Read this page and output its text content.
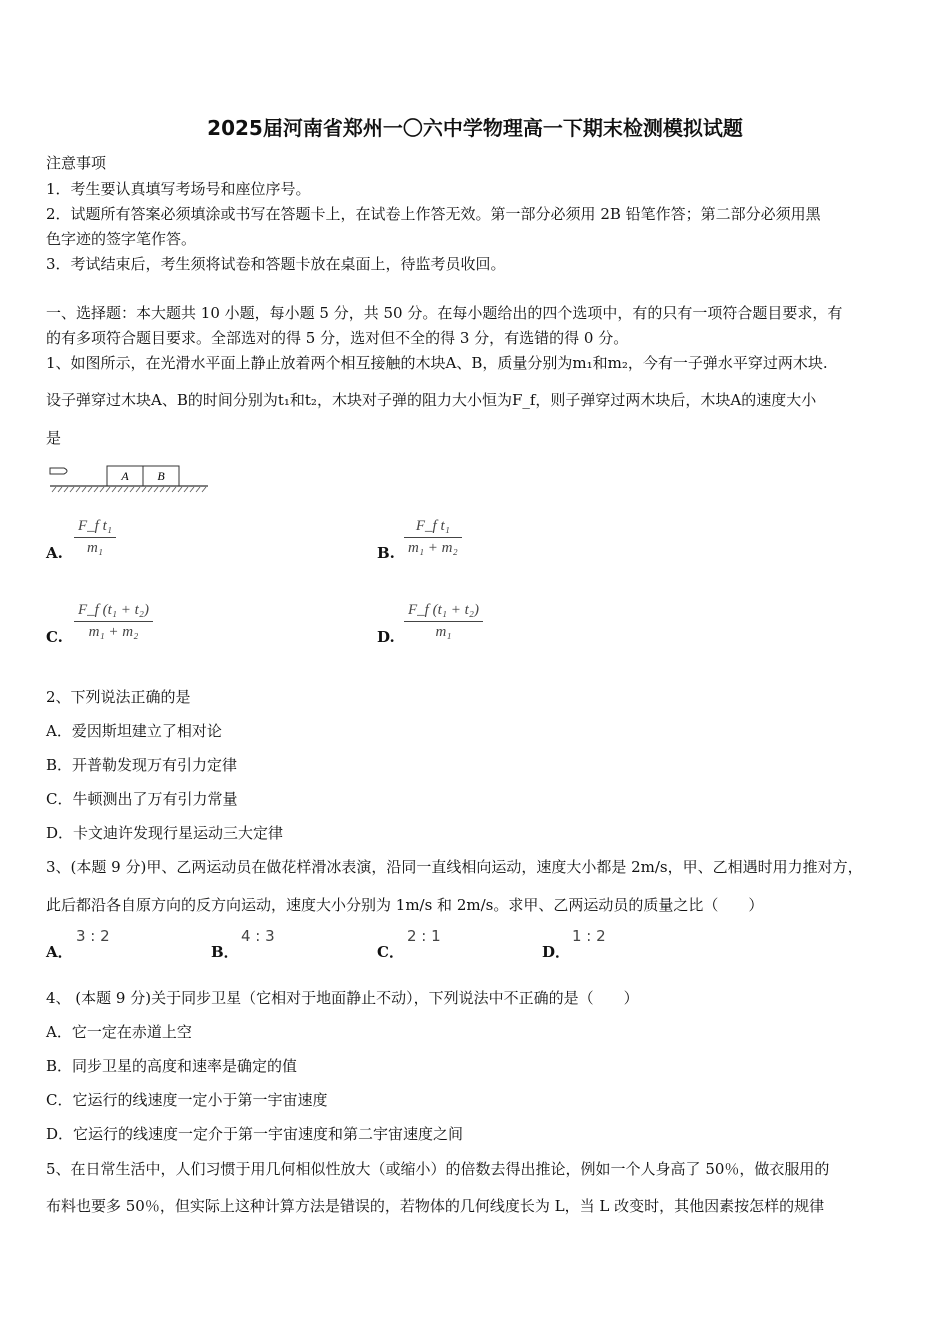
2025届河南省郑州一〇六中学物理高一下期末检测模拟试题
注意事项
1．考生要认真填写考场号和座位序号。
2．试题所有答案必须填涂或书写在答题卡上，在试卷上作答无效。第一部分必须用 2B 铅笔作答；第二部分必须用黑
色字迹的签字笔作答。
3．考试结束后，考生须将试卷和答题卡放在桌面上，待监考员收回。
一、选择题：本大题共 10 小题，每小题 5 分，共 50 分。在每小题给出的四个选项中，有的只有一项符合题目要求，有
的有多项符合题目要求。全部选对的得 5 分，选对但不全的得 3 分，有选错的得 0 分。
1、如图所示，在光滑水平面上静止放着两个相互接触的木块A、B，质量分别为m₁和m₂，今有一子弹水平穿过两木块.
设子弹穿过木块A、B的时间分别为t₁和t₂，木块对子弹的阻力大小恒为F_f，则子弹穿过两木块后，木块A的速度大小
是
A B
A.
F_f t₁
m₁	B.
F_f t₁
m₁ + m₂
C.
F_f (t₁ + t₂)
m₁ + m₂	D.
F_f (t₁ + t₂)
m₁
2、下列说法正确的是
A．爱因斯坦建立了相对论
B．开普勒发现万有引力定律
C．牛顿测出了万有引力常量
D．卡文迪许发现行星运动三大定律
3、(本题 9 分)甲、乙两运动员在做花样滑冰表演，沿同一直线相向运动，速度大小都是 2m/s，甲、乙相遇时用力推对方，
此后都沿各自原方向的反方向运动，速度大小分别为 1m/s 和 2m/s。求甲、乙两运动员的质量之比（　　）
A．
3 : 2
B．
4 : 3
C．
2 : 1
D．
1 : 2
4、 (本题 9 分)关于同步卫星（它相对于地面静止不动），下列说法中不正确的是（　　）
A．它一定在赤道上空
B．同步卫星的高度和速率是确定的值
C．它运行的线速度一定小于第一宇宙速度
D．它运行的线速度一定介于第一宇宙速度和第二宇宙速度之间
5、在日常生活中，人们习惯于用几何相似性放大（或缩小）的倍数去得出推论，例如一个人身高了 50％，做衣服用的
布料也要多 50％，但实际上这种计算方法是错误的，若物体的几何线度长为 L，当 L 改变时，其他因素按怎样的规律
